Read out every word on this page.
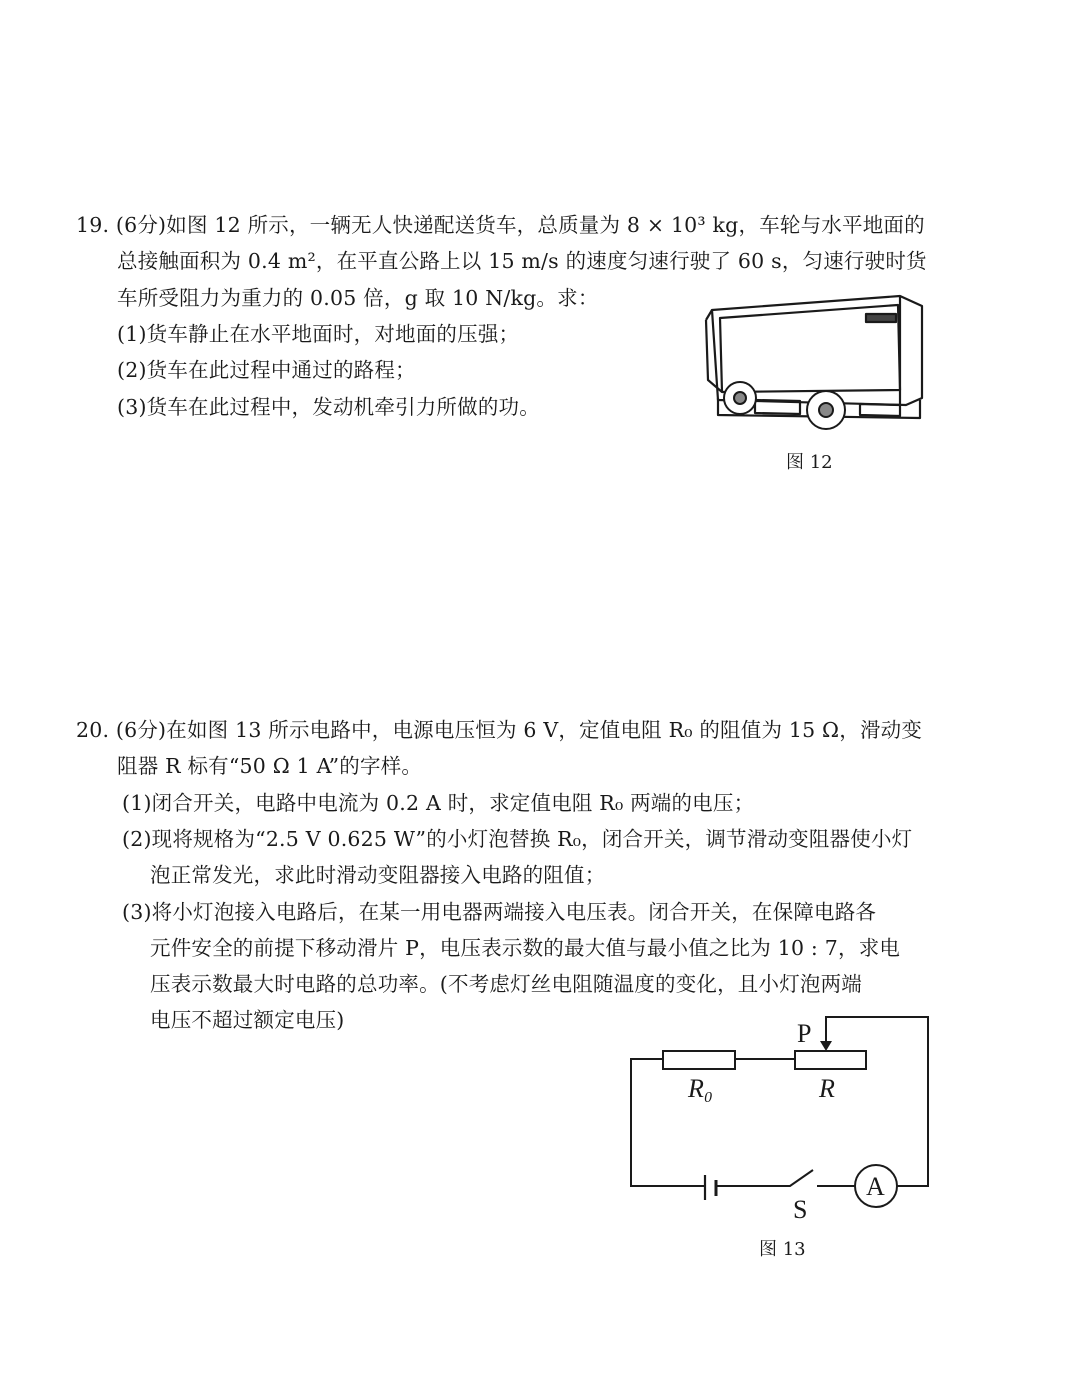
19. (6分)如图 12 所示，一辆无人快递配送货车，总质量为 8 × 10³ kg，车轮与水平地面的
总接触面积为 0.4 m²，在平直公路上以 15 m/s 的速度匀速行驶了 60 s，匀速行驶时货
车所受阻力为重力的 0.05 倍，g 取 10 N/kg。求：
(1)货车静止在水平地面时，对地面的压强；
(2)货车在此过程中通过的路程；
(3)货车在此过程中，发动机牵引力所做的功。
图 12
20. (6分)在如图 13 所示电路中，电源电压恒为 6 V，定值电阻 R₀ 的阻值为 15 Ω，滑动变
阻器 R 标有“50 Ω 1 A”的字样。
(1)闭合开关，电路中电流为 0.2 A 时，求定值电阻 R₀ 两端的电压；
(2)现将规格为“2.5 V 0.625 W”的小灯泡替换 R₀，闭合开关，调节滑动变阻器使小灯
泡正常发光，求此时滑动变阻器接入电路的阻值；
(3)将小灯泡接入电路后，在某一用电器两端接入电压表。闭合开关，在保障电路各
元件安全的前提下移动滑片 P，电压表示数的最大值与最小值之比为 10 : 7，求电
压表示数最大时电路的总功率。(不考虑灯丝电阻随温度的变化，且小灯泡两端
电压不超过额定电压)	P
R₀	R
S
A
图 13
